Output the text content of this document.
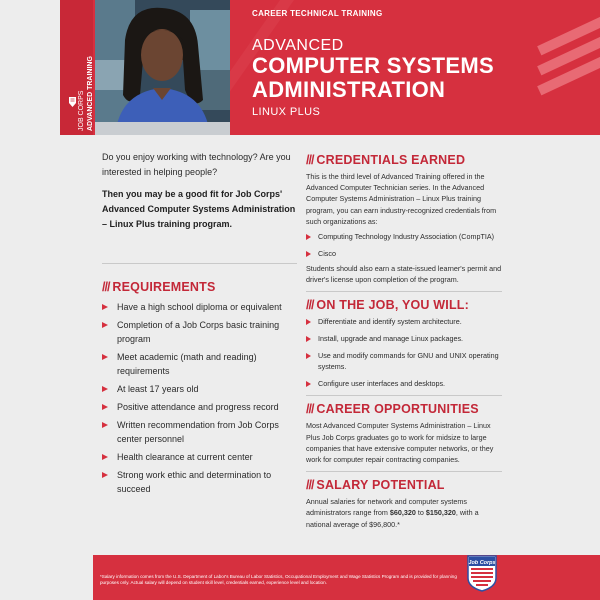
JOB CORPS ADVANCED TRAINING
CAREER TECHNICAL TRAINING
ADVANCED
COMPUTER SYSTEMS
ADMINISTRATION
LINUX PLUS

Do you enjoy working with technology? Are you interested in helping people?

Then you may be a good fit for Job Corps' Advanced Computer Systems Administration – Linux Plus training program.

/// REQUIREMENTS
Have a high school diploma or equivalent
Completion of a Job Corps basic training program
Meet academic (math and reading) requirements
At least 17 years old
Positive attendance and progress record
Written recommendation from Job Corps center personnel
Health clearance at current center
Strong work ethic and determination to succeed
/// CREDENTIALS EARNED

This is the third level of Advanced Training offered in the Advanced Computer Technician series. In the Advanced Computer Systems Administration – Linux Plus training program, you can earn industry-recognized credentials from such organizations as:

Computing Technology Industry Association (CompTIA)
Cisco

Students should also earn a state-issued learner's permit and driver's license upon completion of the program.

/// ON THE JOB, YOU WILL:
Differentiate and identify system architecture.
Install, upgrade and manage Linux packages.
Use and modify commands for GNU and UNIX operating systems.
Configure user interfaces and desktops.
/// CAREER OPPORTUNITIES

Most Advanced Computer Systems Administration – Linux Plus Job Corps graduates go to work for midsize to large companies that have extensive computer networks, or they work for computer repair contracting companies.

/// SALARY POTENTIAL

Annual salaries for network and computer systems administrators range from $60,320 to $150,320, with a national average of $96,800.*

*Salary information comes from the U.S. Department of Labor's Bureau of Labor Statistics, Occupational Employment and Wage Statistics Program and is provided for planning purposes only. Actual salary will depend on student skill level, credentials earned, experience level and location.

Job Corps
